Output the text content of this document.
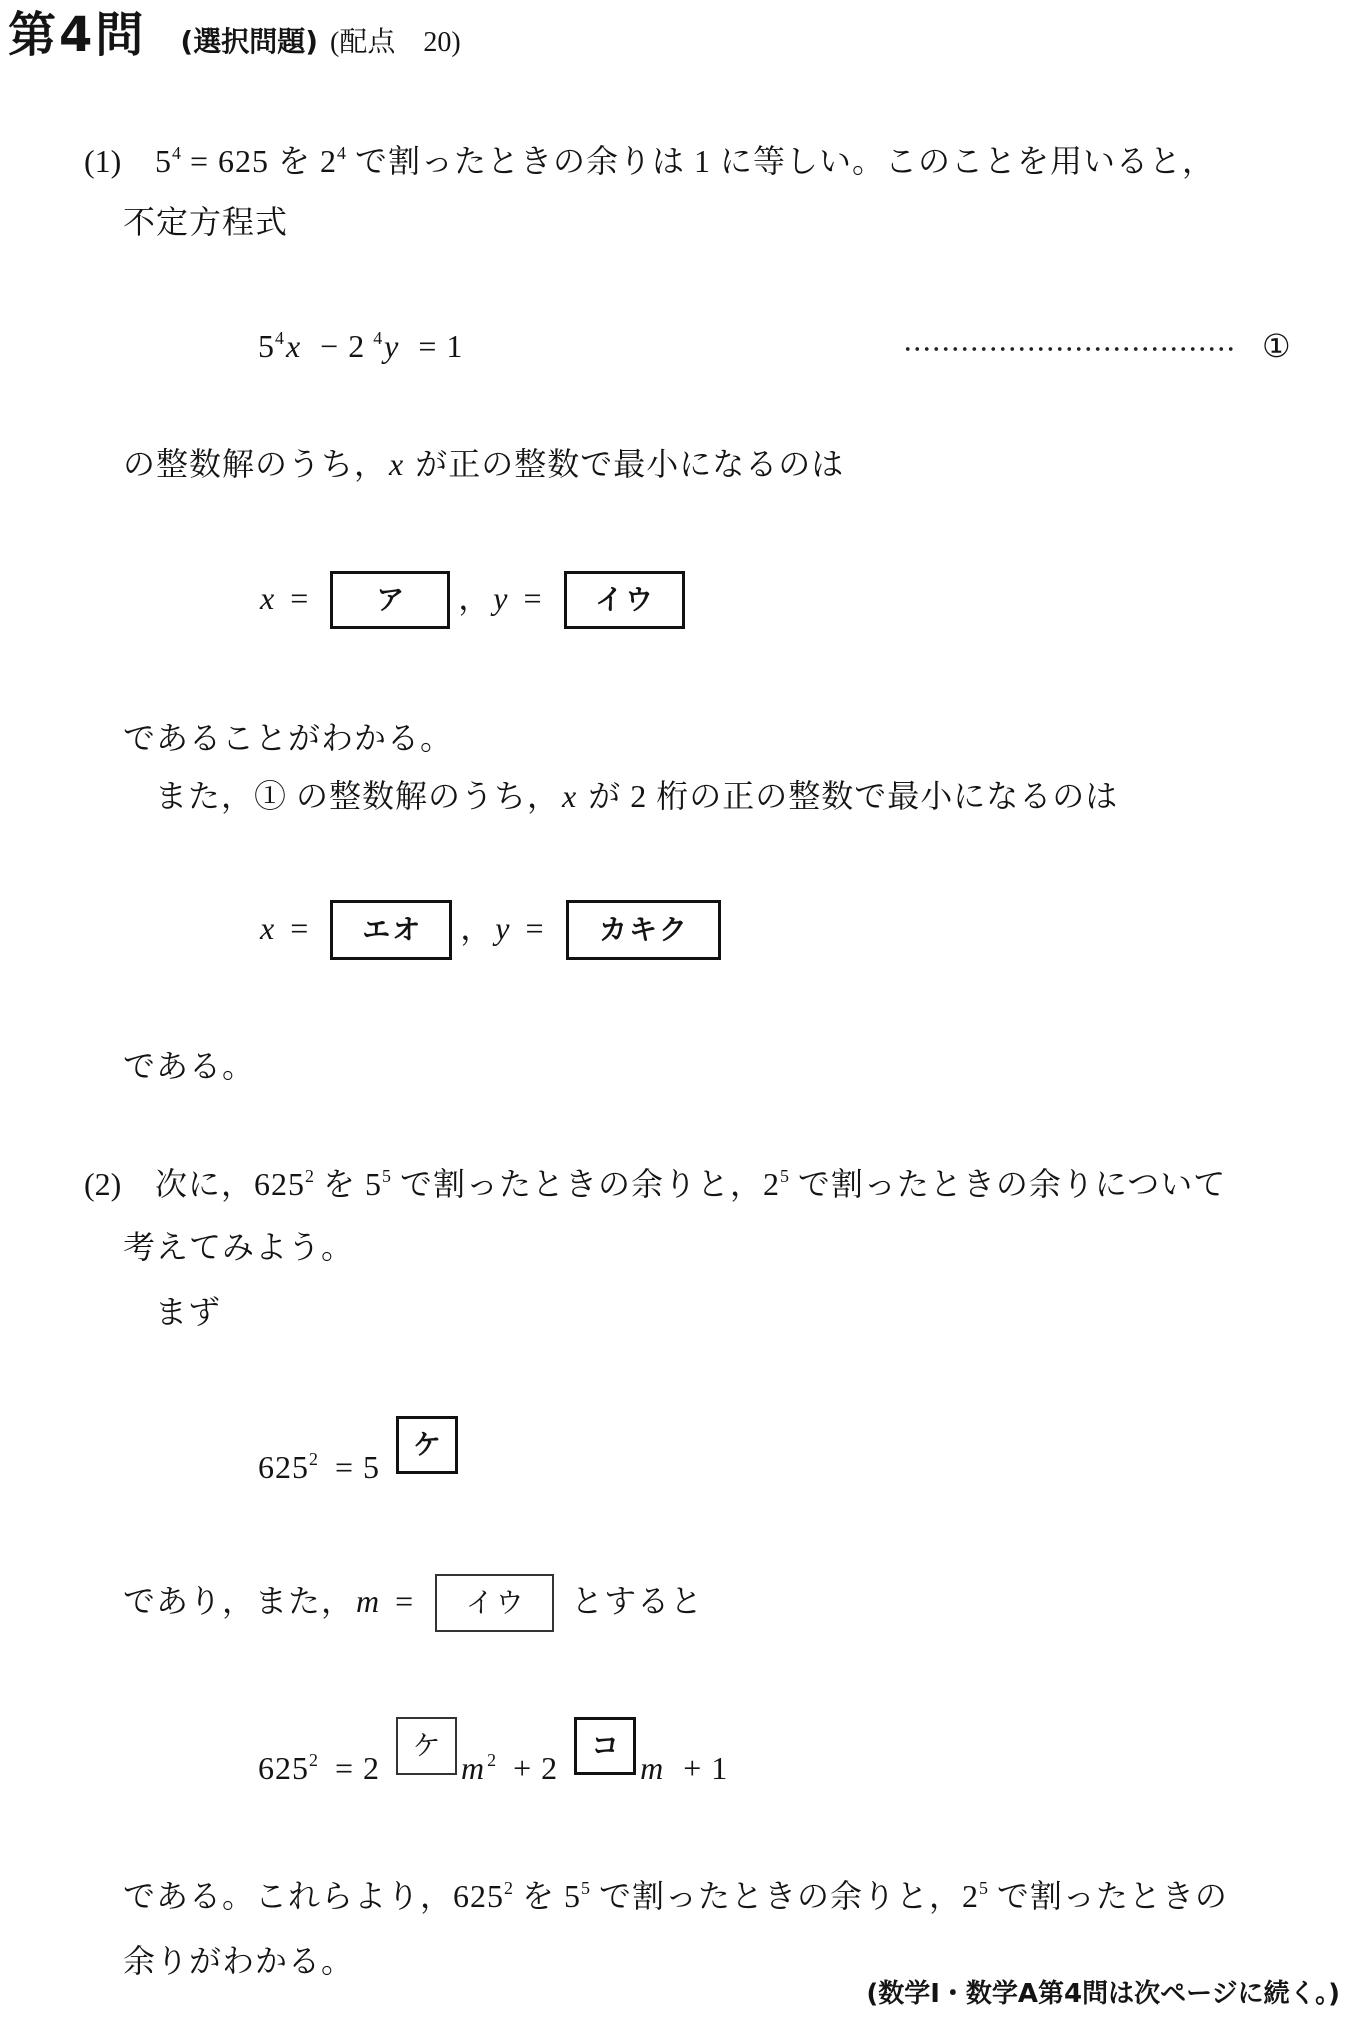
第4問 (選択問題) (配点　20)
(1) $5^4 = 625$ を $2^4$ で割ったときの余りは 1 に等しい。このことを用いると，
不定方程式
$5^4x - 2$ $^4$y = 1	①
の整数解のうち，x が正の整数で最小になるのは
x = ア ，y = イウ
であることがわかる。
また，① の整数解のうち，x が 2 桁の正の整数で最小になるのは
x = エオ ，y = カキク
である。
(2) 次に，$625^2$ を $5^5$ で割ったときの余りと，$2^5$ で割ったときの余りについて
考えてみよう。
まず
$625^2 = 5$ケ
であり，また，m = イウ とすると
$625^2 = 2$ケm $^2$ + 2コm + 1
である。これらより，$625^2$ を $5^5$ で割ったときの余りと，$2^5$ で割ったときの
余りがわかる。
(数学Ⅰ・数学A第4問は次ページに続く。)
